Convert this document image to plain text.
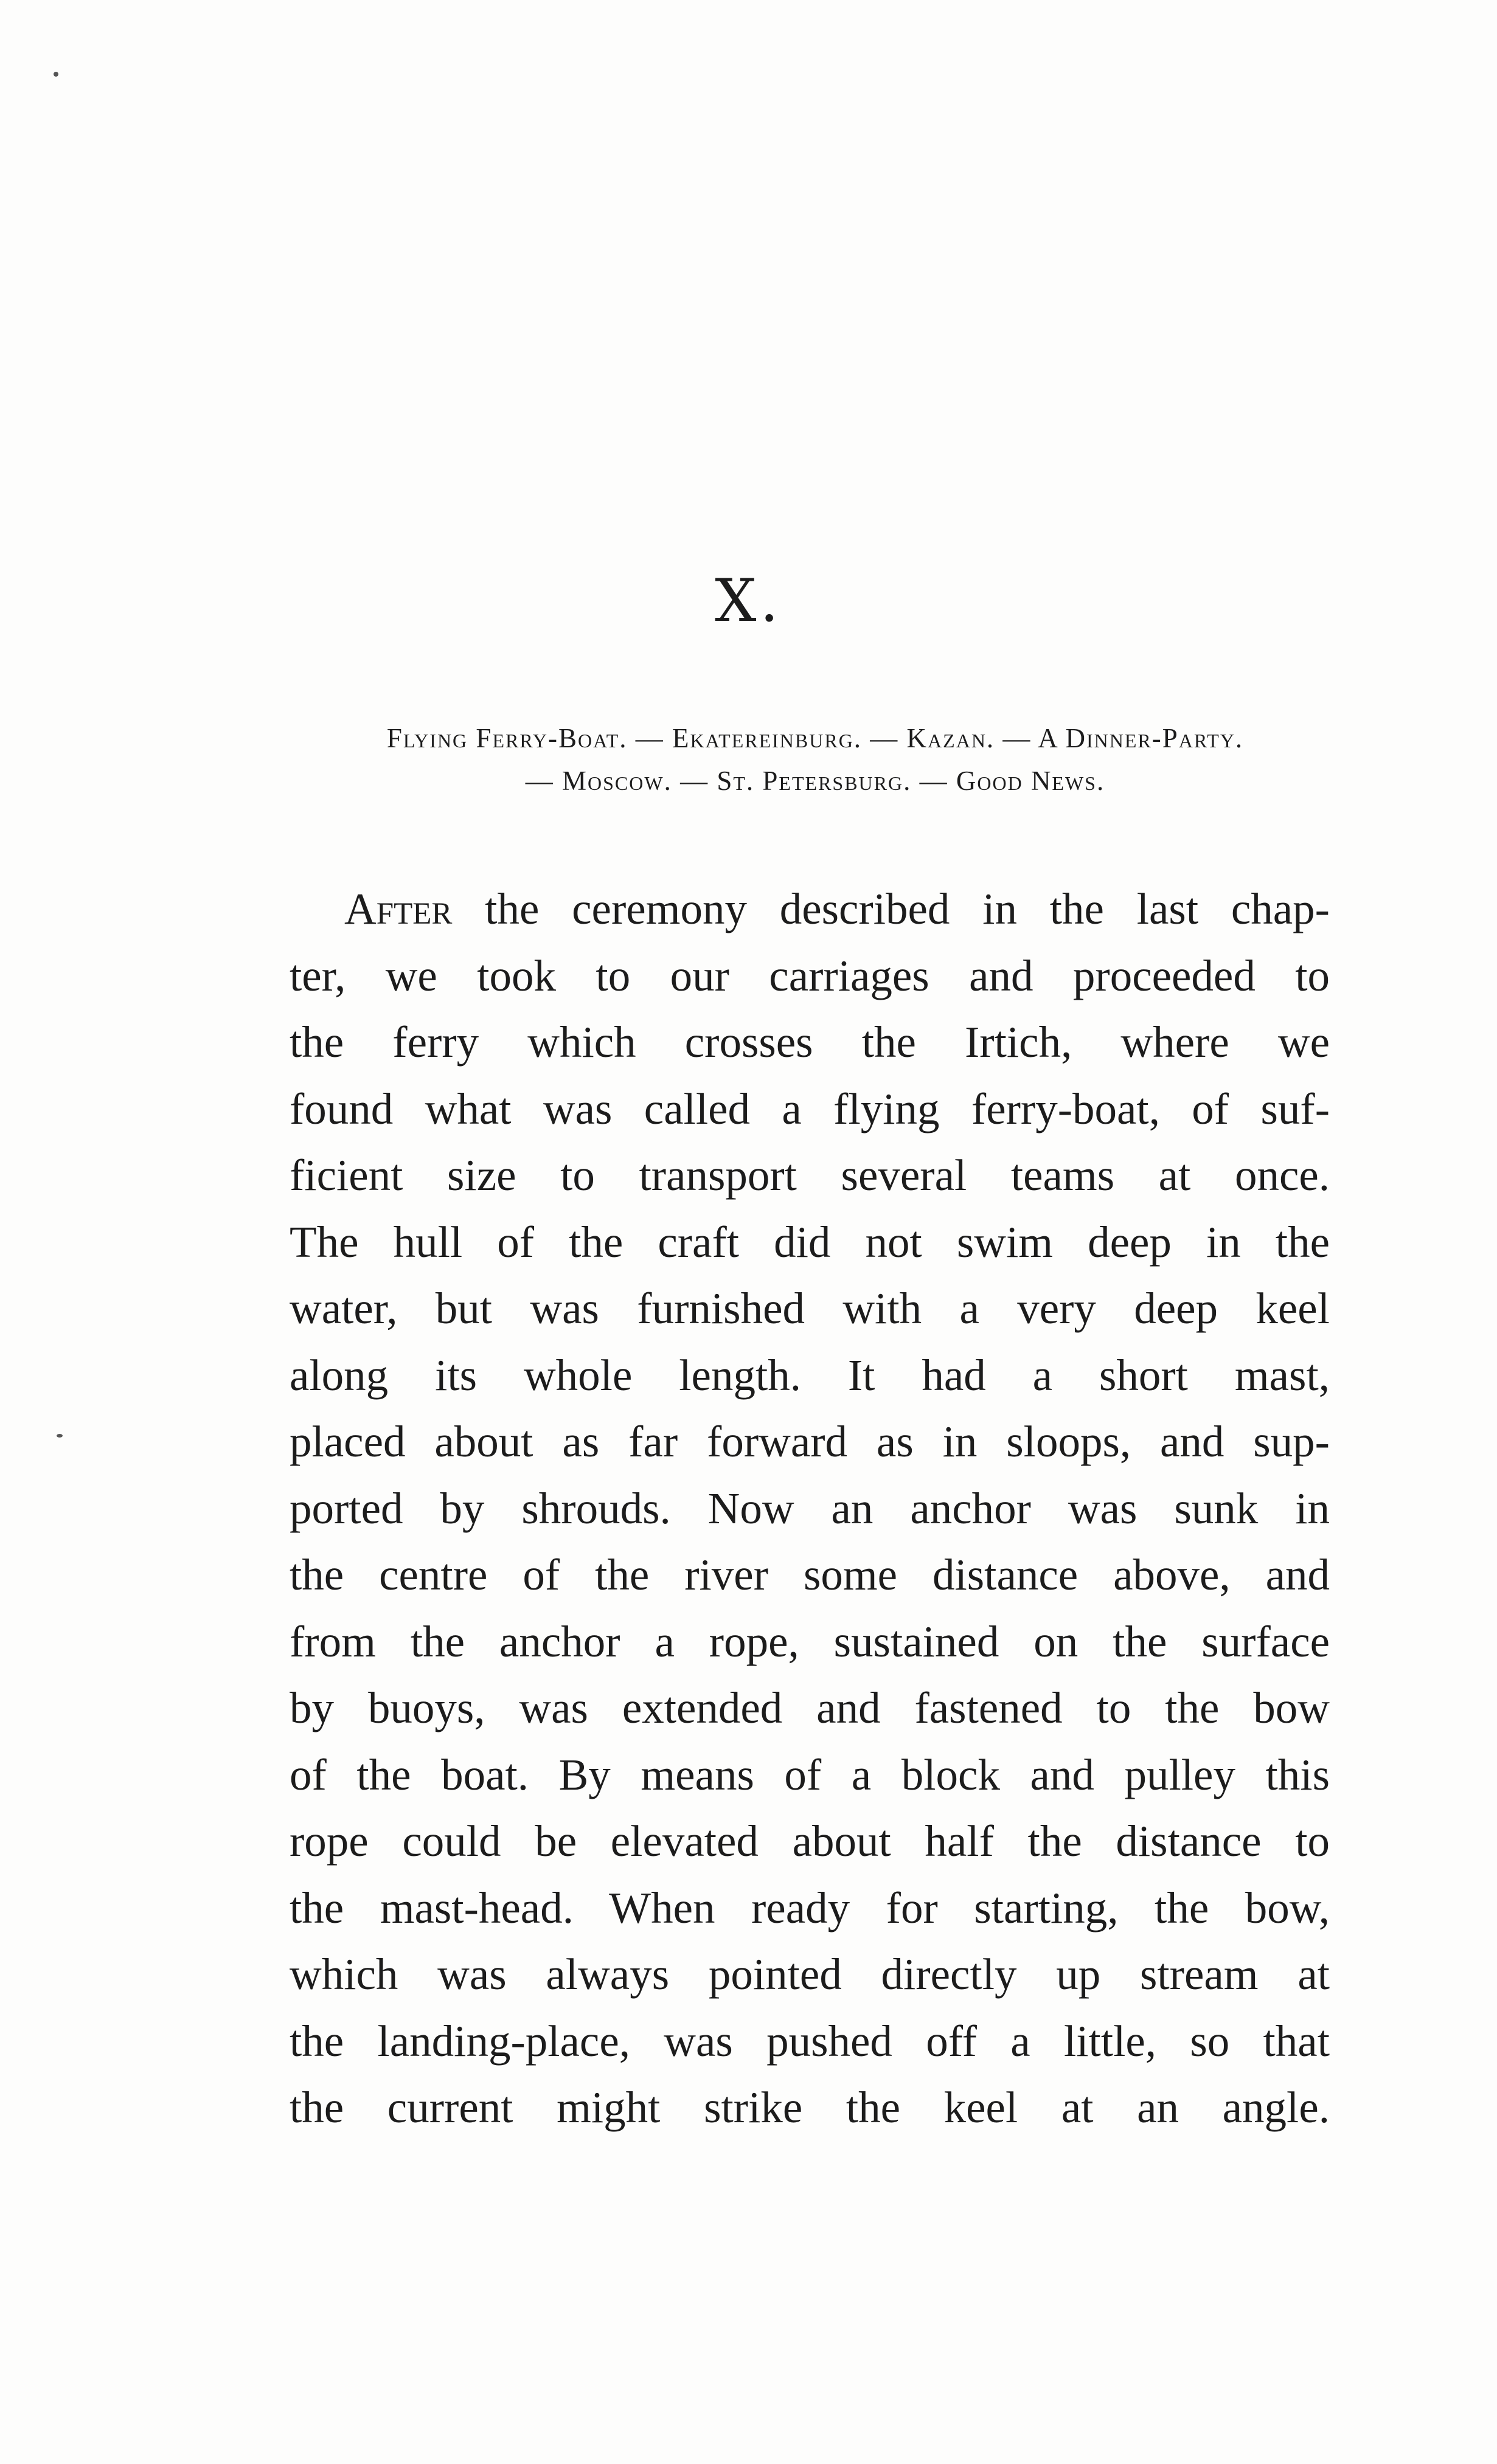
X.
Flying Ferry-Boat. — Ekatereinburg. — Kazan. — A Dinner-Party.
— Moscow. — St. Petersburg. — Good News.
After the ceremony described in the last chap-
ter, we took to our carriages and proceeded to
the ferry which crosses the Irtich, where we
found what was called a flying ferry-boat, of suf-
ficient size to transport several teams at once.
The hull of the craft did not swim deep in the
water, but was furnished with a very deep keel
along its whole length. It had a short mast,
placed about as far forward as in sloops, and sup-
ported by shrouds. Now an anchor was sunk in
the centre of the river some distance above, and
from the anchor a rope, sustained on the surface
by buoys, was extended and fastened to the bow
of the boat. By means of a block and pulley this
rope could be elevated about half the distance to
the mast-head. When ready for starting, the bow,
which was always pointed directly up stream at
the landing-place, was pushed off a little, so that
the current might strike the keel at an angle.
